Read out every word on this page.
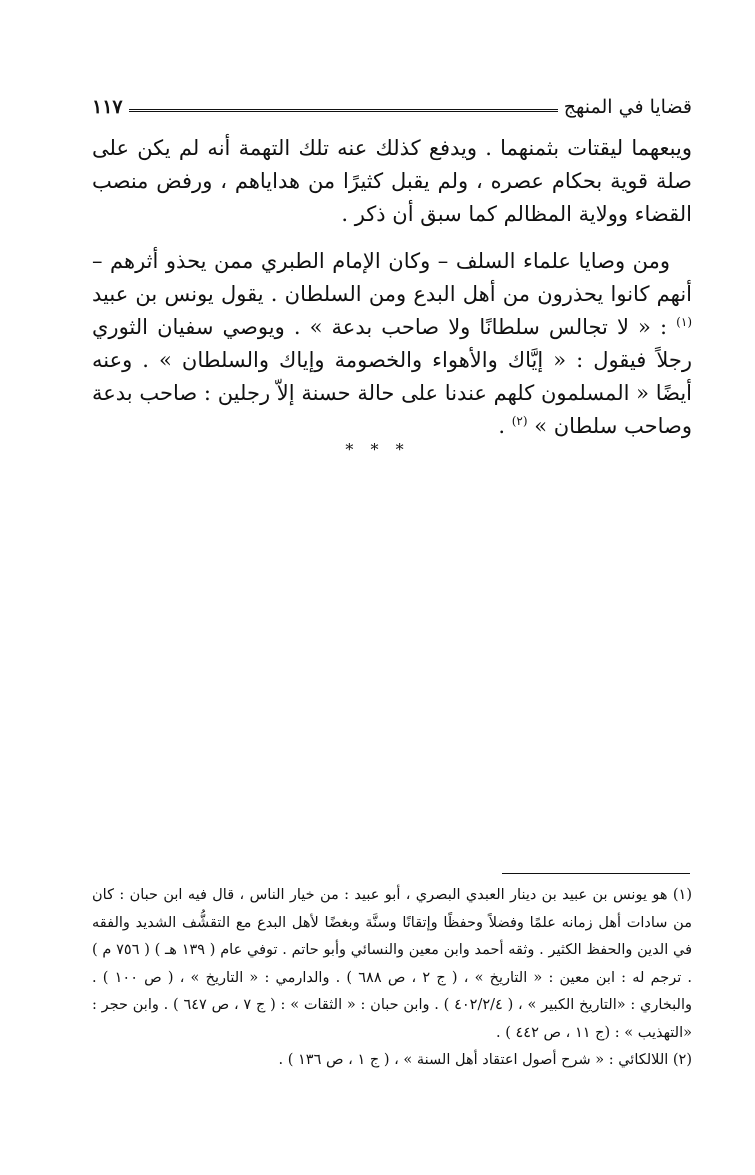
قضايا في المنهج
١١٧

ويبعهما ليقتات بثمنهما . ويدفع كذلك عنه تلك التهمة أنه لم يكن على صلة قوية بحكام عصره ، ولم يقبل كثيرًا من هداياهم ، ورفض منصب القضاء وولاية المظالم كما سبق أن ذكر .

ومن وصايا علماء السلف – وكان الإمام الطبري ممن يحذو أثرهم – أنهم كانوا يحذرون من أهل البدع ومن السلطان . يقول يونس بن عبيد $^{(١)}$ : « لا تجالس سلطانًا ولا صاحب بدعة » . ويوصي سفيان الثوري رجلاً فيقول : « إيَّاك والأهواء والخصومة وإياك والسلطان » . وعنه أيضًا « المسلمون كلهم عندنا على حالة حسنة إلاّ رجلين : صاحب بدعة وصاحب سلطان » $^{(٢)}$ .

* * *

(١) هو يونس بن عبيد بن دينار العبدي البصري ، أبو عبيد : من خيار الناس ، قال فيه ابن حبان : كان من سادات أهل زمانه علمًا وفضلاً وحفظًا وإتقانًا وسنَّة وبغضًا لأهل البدع مع التقشُّف الشديد والفقه في الدين والحفظ الكثير . وثقه أحمد وابن معين والنسائي وأبو حاتم . توفي عام ( ١٣٩ هـ ) ( ٧٥٦ م ) . ترجم له : ابن معين : « التاريخ » ، ( ج ٢ ، ص ٦٨٨ ) . والدارمي : « التاريخ » ، ( ص ١٠٠ ) . والبخاري : «التاريخ الكبير » ، ( ٤٠٢/٢/٤ ) . وابن حبان : « الثقات » : ( ج ٧ ، ص ٦٤٧ ) . وابن حجر : «التهذيب » : (ج ١١ ، ص ٤٤٢ ) .

(٢) اللالكائي : « شرح أصول اعتقاد أهل السنة » ، ( ج ١ ، ص ١٣٦ ) .
